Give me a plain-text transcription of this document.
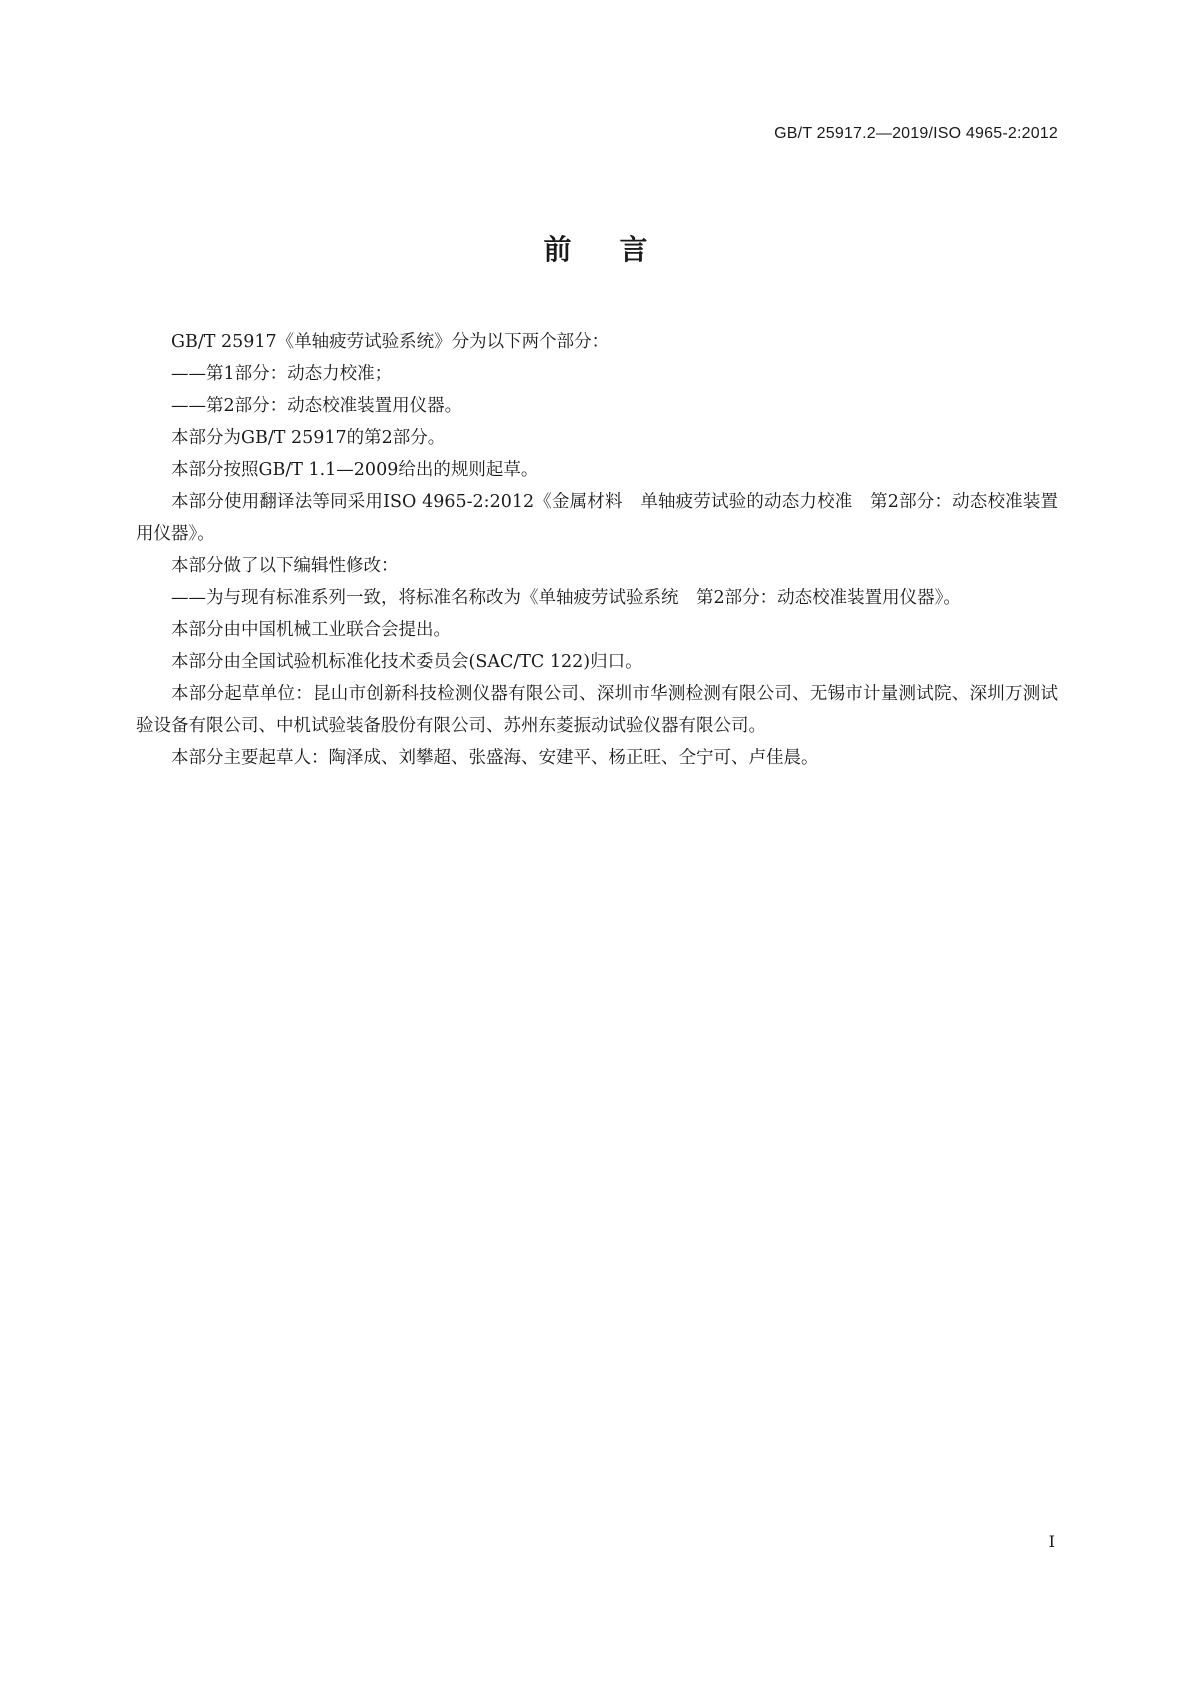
GB/T 25917.2—2019/ISO 4965-2:2012
前言

GB/T 25917《单轴疲劳试验系统》分为以下两个部分：

——第1部分：动态力校准；

——第2部分：动态校准装置用仪器。

本部分为GB/T 25917的第2部分。

本部分按照GB/T 1.1—2009给出的规则起草。

本部分使用翻译法等同采用ISO 4965-2:2012《金属材料　单轴疲劳试验的动态力校准　第2部分：动态校准装置用仪器》。

本部分做了以下编辑性修改：

——为与现有标准系列一致，将标准名称改为《单轴疲劳试验系统　第2部分：动态校准装置用仪器》。

本部分由中国机械工业联合会提出。

本部分由全国试验机标准化技术委员会(SAC/TC 122)归口。

本部分起草单位：昆山市创新科技检测仪器有限公司、深圳市华测检测有限公司、无锡市计量测试院、深圳万测试验设备有限公司、中机试验装备股份有限公司、苏州东菱振动试验仪器有限公司。

本部分主要起草人：陶泽成、刘攀超、张盛海、安建平、杨正旺、仝宁可、卢佳晨。

I
